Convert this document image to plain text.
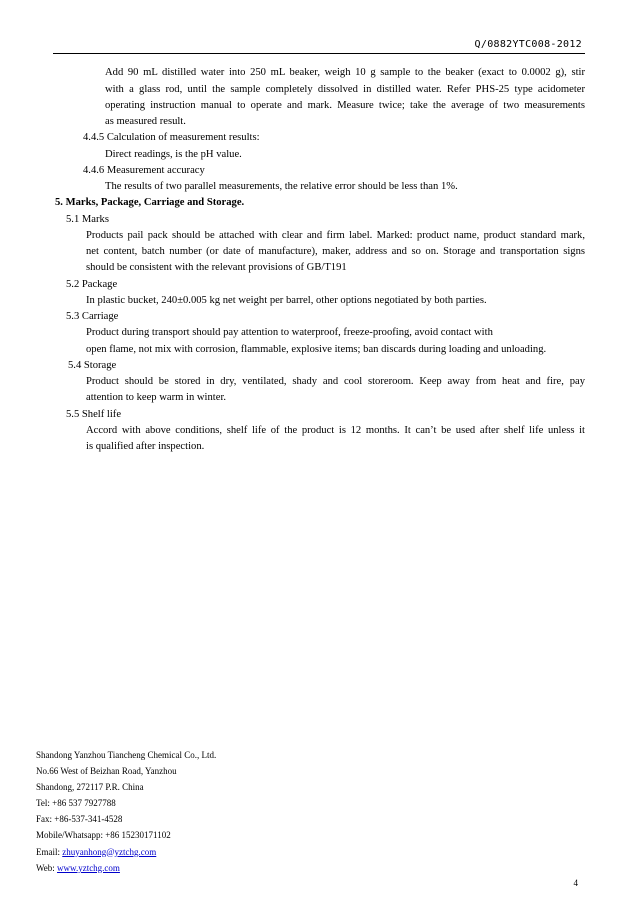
Q/0882YTC008-2012
Add 90 mL distilled water into 250 mL beaker, weigh 10 g sample to the beaker (exact to 0.0002 g), stir
with a glass rod, until the sample completely dissolved in distilled water. Refer PHS-25 type acidometer
operating instruction manual to operate and mark. Measure twice; take the average of two measurements
as measured result.
4.4.5 Calculation of measurement results:
Direct readings, is the pH value.
4.4.6 Measurement accuracy
The results of two parallel measurements, the relative error should be less than 1%.
5. Marks, Package, Carriage and Storage.
5.1 Marks
Products pail pack should be attached with clear and firm label. Marked: product name, product standard mark,
net content, batch number (or date of manufacture), maker, address and so on. Storage and transportation signs
should be consistent with the relevant provisions of GB/T191
5.2 Package
In plastic bucket, 240±0.005 kg net weight per barrel, other options negotiated by both parties.
5.3 Carriage
Product during transport should pay attention to waterproof, freeze-proofing, avoid contact with
open flame, not mix with corrosion, flammable, explosive items; ban discards during loading and unloading.
5.4 Storage
Product should be stored in dry, ventilated, shady and cool storeroom. Keep away from heat and fire, pay
attention to keep warm in winter.
5.5 Shelf life
Accord with above conditions, shelf life of the product is 12 months. It can’t be used after shelf life unless it
is qualified after inspection.
Shandong Yanzhou Tiancheng Chemical Co., Ltd.
No.66 West of Beizhan Road, Yanzhou
Shandong, 272117 P.R. China
Tel: +86 537 7927788
Fax: +86-537-341-4528
Mobile/Whatsapp: +86 15230171102
Email: zhuyanhong@yztchg.com
Web: www.yztchg.com
4
